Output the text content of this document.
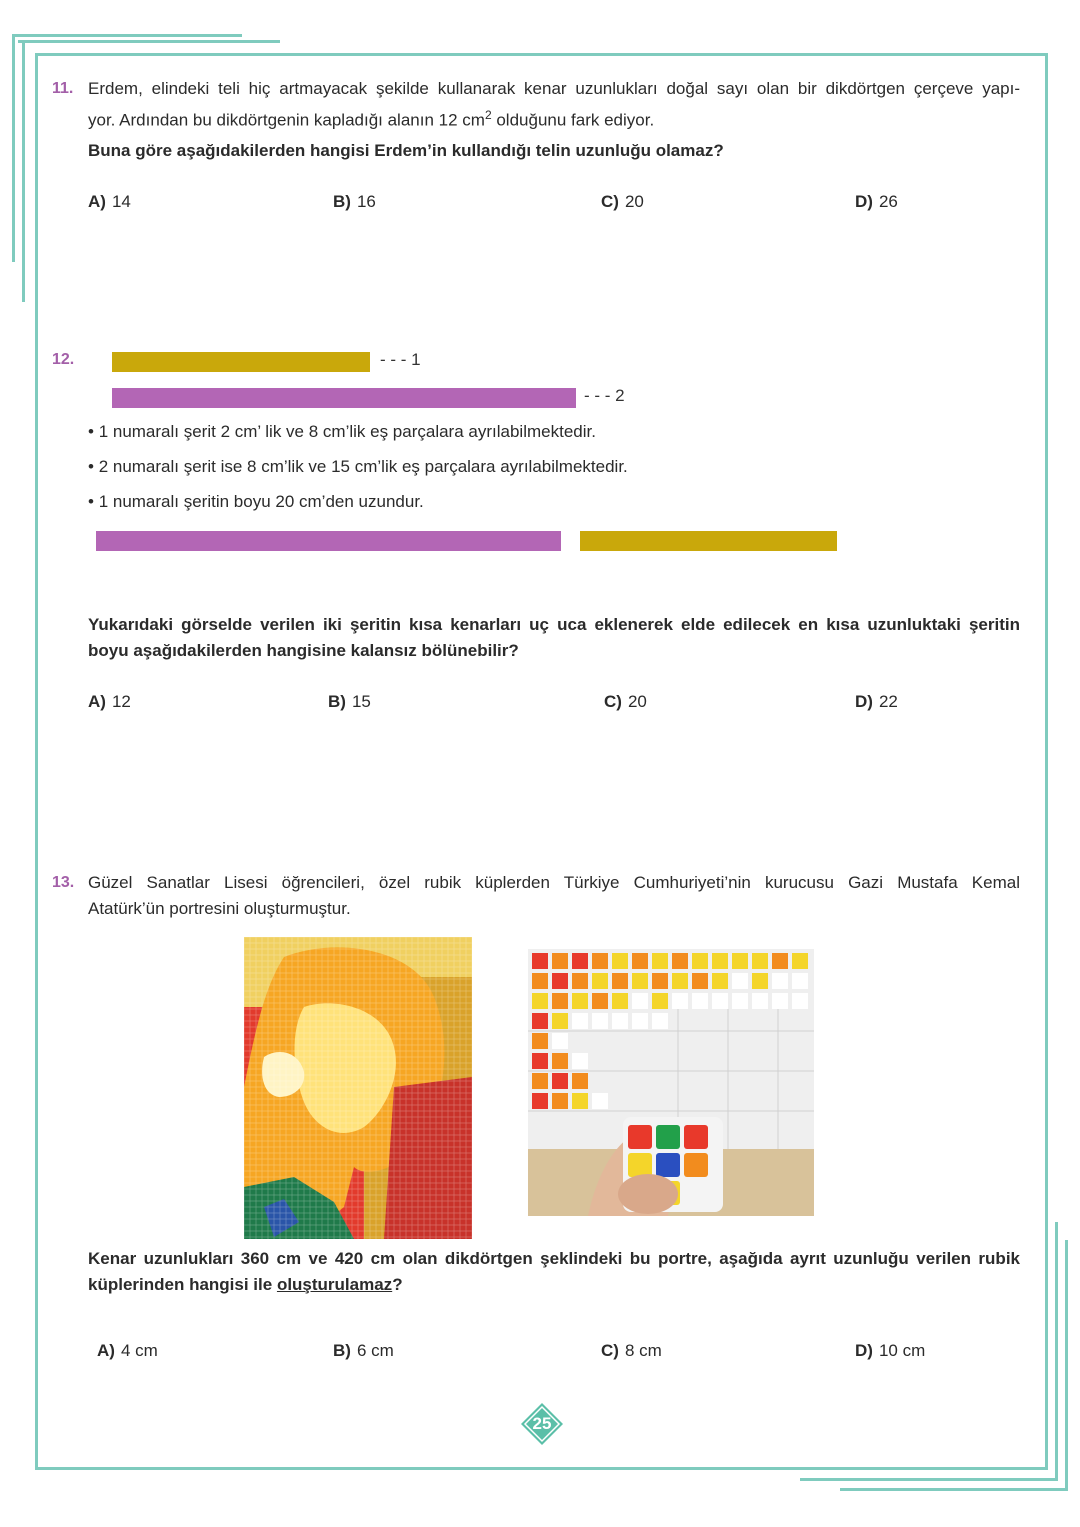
11. Erdem, elindeki teli hiç artmayacak şekilde kullanarak kenar uzunlukları doğal sayı olan bir dikdörtgen çerçeve yapı-
yor. Ardından bu dikdörtgenin kapladığı alanın 12 $cm^2$ olduğunu fark ediyor.
Buna göre aşağıdakilerden hangisi Erdem’in kullandığı telin uzunluğu olamaz?
A) 14	B) 16	C) 20	D) 26
12.	- - - 1
- - - 2
• 1 numaralı şerit 2 cm’ lik ve 8 cm’lik eş parçalara ayrılabilmektedir.
• 2 numaralı şerit ise 8 cm’lik ve 15 cm’lik eş parçalara ayrılabilmektedir.
• 1 numaralı şeritin boyu 20 cm’den uzundur.
Yukarıdaki görselde verilen iki şeritin kısa kenarları uç uca eklenerek elde edilecek en kısa uzunluktaki şeritin
boyu aşağıdakilerden hangisine kalansız bölünebilir?
A) 12	B) 15	C) 20	D) 22
13. Güzel Sanatlar Lisesi öğrencileri, özel rubik küplerden Türkiye Cumhuriyeti’nin kurucusu Gazi Mustafa Kemal
Atatürk’ün portresini oluşturmuştur.
Kenar uzunlukları 360 cm ve 420 cm olan dikdörtgen şeklindeki bu portre, aşağıda ayrıt uzunluğu verilen rubik
küplerinden hangisi ile oluşturulamaz?
A) 4 cm	B) 6 cm	C) 8 cm	D) 10 cm
25
